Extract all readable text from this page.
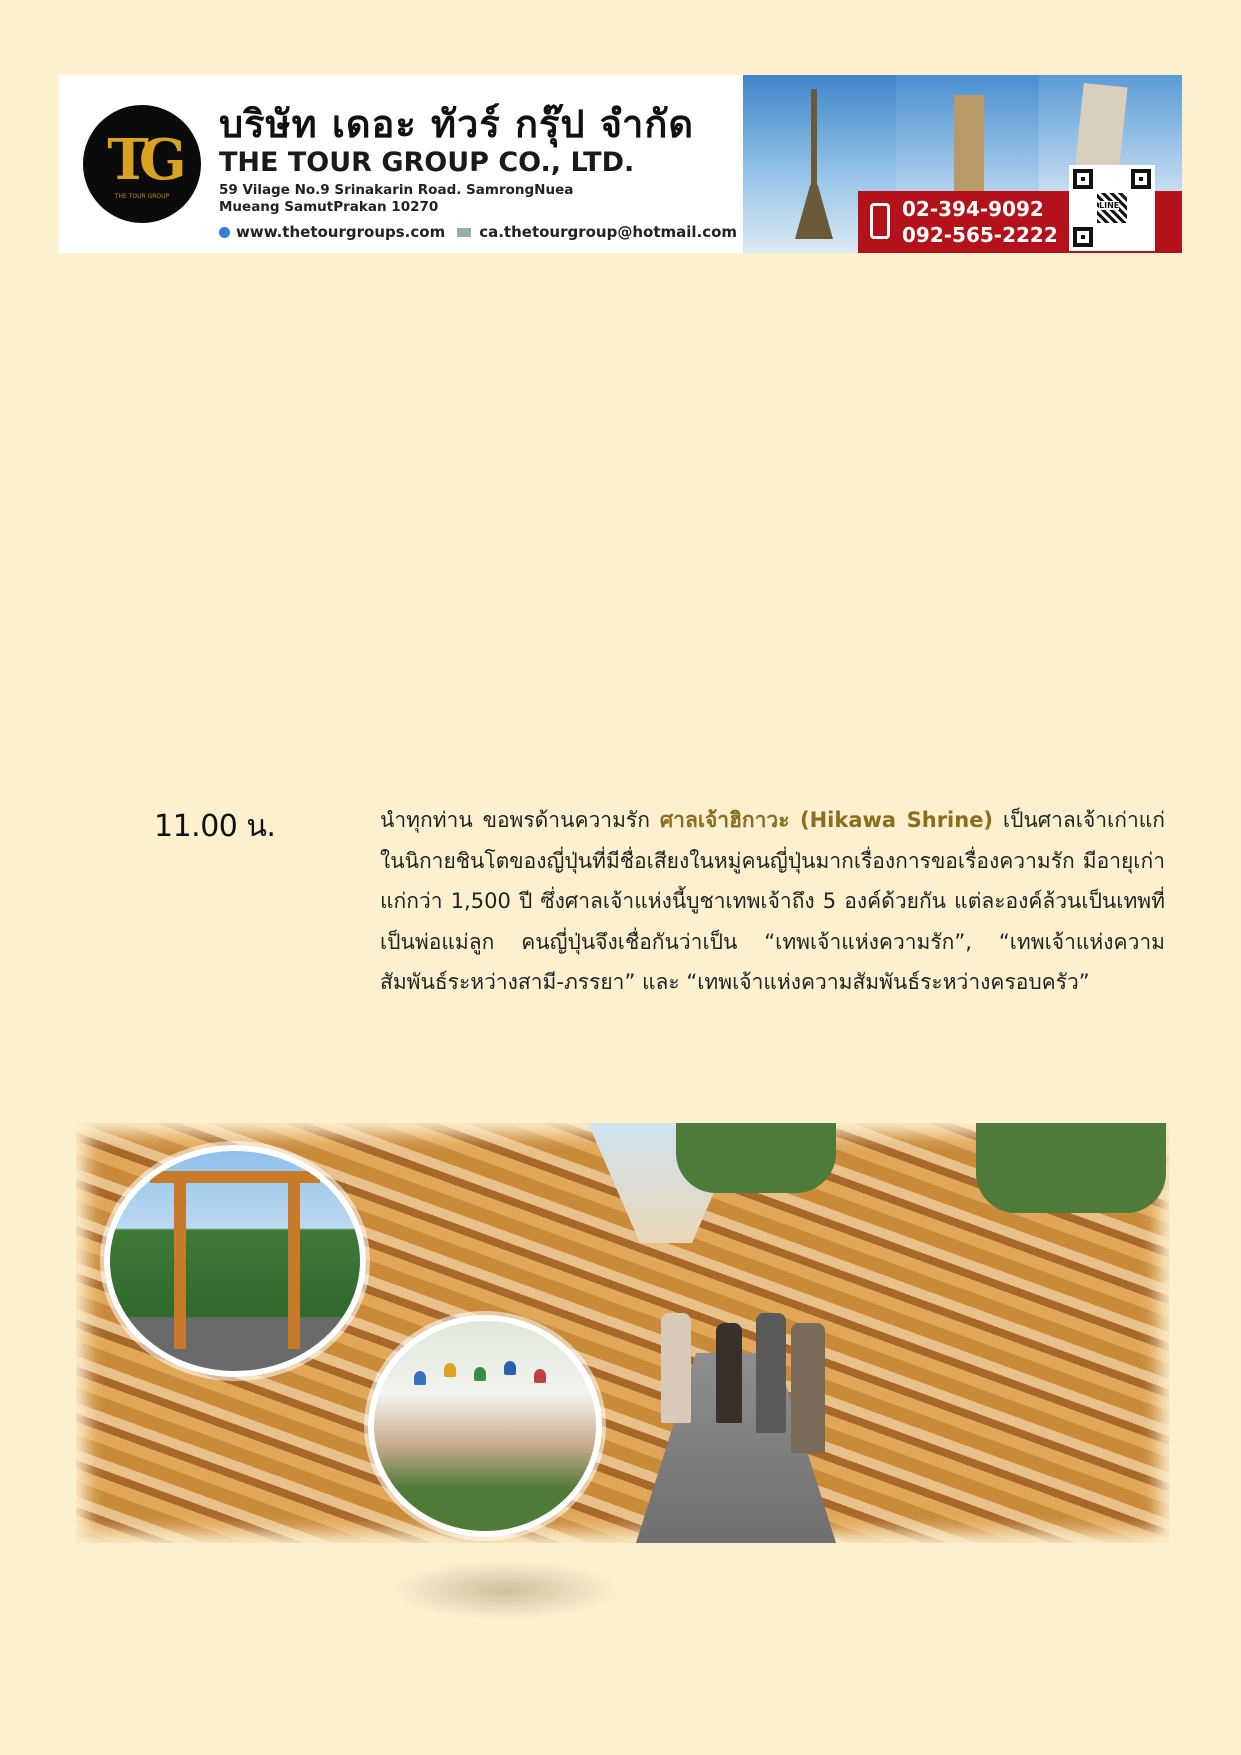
TG
THE TOUR GROUP
บริษัท เดอะ ทัวร์ กรุ๊ป จำกัด
THE TOUR GROUP CO., LTD.
59 Vilage No.9 Srinakarin Road. SamrongNuea
Mueang SamutPrakan 10270
www.thetourgroups.com ca.thetourgroup@hotmail.com
02-394-9092
092-565-2222
LINE
11.00 น.	นำทุกท่าน ขอพรด้านความรัก ศาลเจ้าฮิกาวะ (Hikawa Shrine) เป็นศาลเจ้าเก่าแก่ในนิกายชินโตของญี่ปุ่นที่มีชื่อเสียงในหมู่คนญี่ปุ่นมากเรื่องการขอเรื่องความรัก มีอายุเก่าแก่กว่า 1,500 ปี ซึ่งศาลเจ้าแห่งนี้บูชาเทพเจ้าถึง 5 องค์ด้วยกัน แต่ละองค์ล้วนเป็นเทพที่เป็นพ่อแม่ลูก คนญี่ปุ่นจึงเชื่อกันว่าเป็น “เทพเจ้าแห่งความรัก”, “เทพเจ้าแห่งความสัมพันธ์ระหว่างสามี-ภรรยา” และ “เทพเจ้าแห่งความสัมพันธ์ระหว่างครอบครัว”
